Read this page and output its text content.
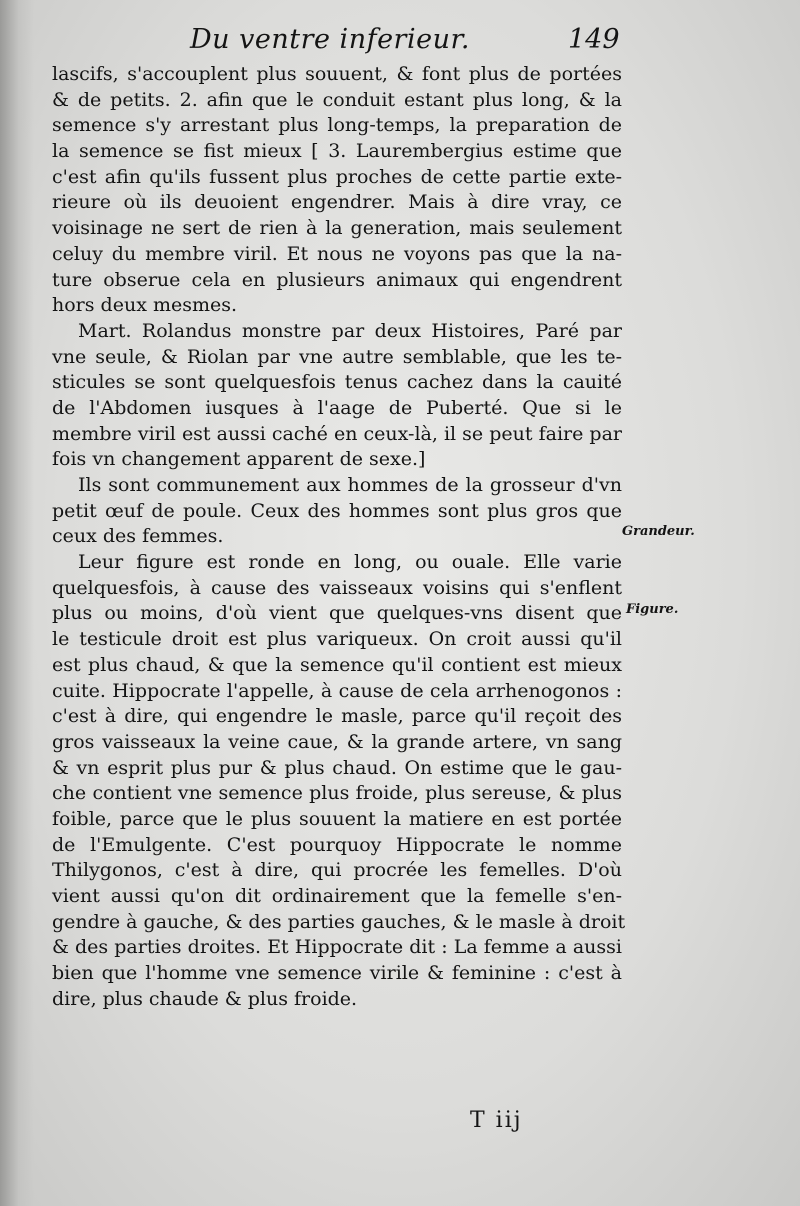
Du ventre inferieur.	149
lascifs, s'accouplent plus souuent, & font plus de portées
& de petits. 2. afin que le conduit estant plus long, & la
semence s'y arrestant plus long-temps, la preparation de
la semence se fist mieux [ 3. Laurembergius estime que
c'est afin qu'ils fussent plus proches de cette partie exte-
rieure où ils deuoient engendrer. Mais à dire vray, ce
voisinage ne sert de rien à la generation, mais seulement
celuy du membre viril. Et nous ne voyons pas que la na-
ture obserue cela en plusieurs animaux qui engendrent
hors deux mesmes.
Mart. Rolandus monstre par deux Histoires, Paré par
vne seule, & Riolan par vne autre semblable, que les te-
sticules se sont quelquesfois tenus cachez dans la cauité
de l'Abdomen iusques à l'aage de Puberté. Que si le
membre viril est aussi caché en ceux-là, il se peut faire par
fois vn changement apparent de sexe.]
Ils sont communement aux hommes de la grosseur d'vn
petit œuf de poule. Ceux des hommes sont plus gros que
ceux des femmes.
Leur figure est ronde en long, ou ouale. Elle varie
quelquesfois, à cause des vaisseaux voisins qui s'enflent
plus ou moins, d'où vient que quelques-vns disent que
le testicule droit est plus variqueux. On croit aussi qu'il
est plus chaud, & que la semence qu'il contient est mieux
cuite. Hippocrate l'appelle, à cause de cela arrhenogonos :
c'est à dire, qui engendre le masle, parce qu'il reçoit des
gros vaisseaux la veine caue, & la grande artere, vn sang
& vn esprit plus pur & plus chaud. On estime que le gau-
che contient vne semence plus froide, plus sereuse, & plus
foible, parce que le plus souuent la matiere en est portée
de l'Emulgente. C'est pourquoy Hippocrate le nomme
Thilygonos, c'est à dire, qui procrée les femelles. D'où
vient aussi qu'on dit ordinairement que la femelle s'en-
gendre à gauche, & des parties gauches, & le masle à droit
& des parties droites. Et Hippocrate dit : La femme a aussi
bien que l'homme vne semence virile & feminine : c'est à
dire, plus chaude & plus froide.
Grandeur.
Figure.
T iij
